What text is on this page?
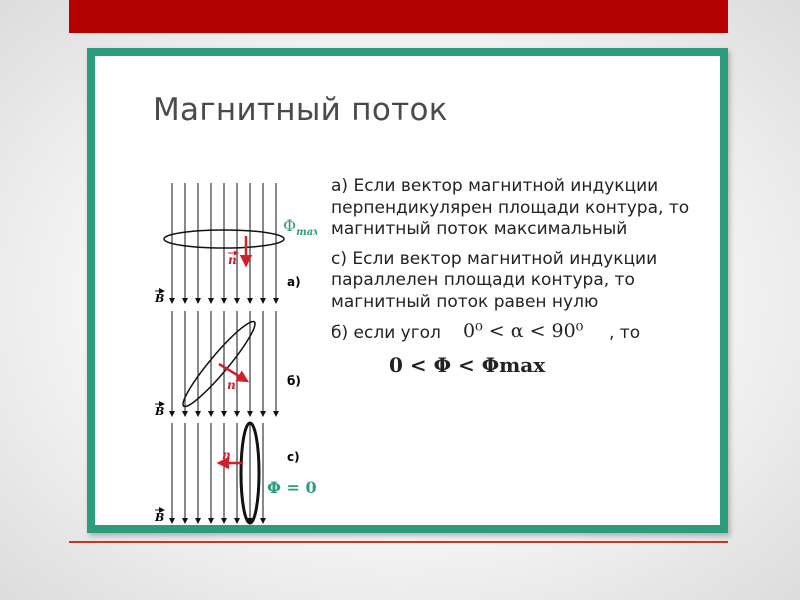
Магнитный поток
n
B
а)
$\Phi_{max}$
n
B
б)
n
B
с)
Φ = 0

а) Если вектор магнитной индукции перпендикулярен площади контура, то магнитный поток максимальный

с) Если вектор магнитной индукции параллелен площади контура, то магнитный поток равен нулю

б) если угол 0⁰ < α < 90⁰ , то
0 < Φ < Φmax
